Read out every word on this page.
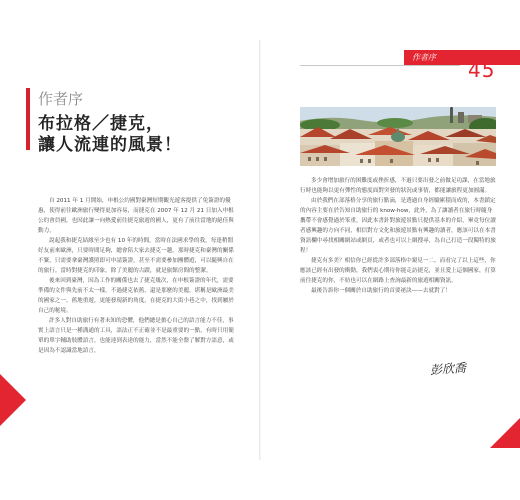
作者序
45
作者序
布拉格／捷克，
讓人流連的風景！

自 2011 年 1 月開始，申根公約國對臺灣短期觀光遊客提供了免簽證的優惠，使得前往歐洲旅行變得更加容易，而捷克在 2007 年 12 月 21 日加入申根公約會員國，也因此讓一向熱愛前往捷克旅遊的國人，更有了前往當地的絕佳與動力。

說起我和捷克結緣至少也有 10 年的時間，當時在法國求學的我，每逢稍閒好友前來歐洲，只要時間足夠，總會陪大家去捷克一趟。那時捷克和臺灣的關係不緊，只需要拿臺灣護照即可申請簽證，甚至不需要參加團體遊，可以隨興自在的旅行。當時對捷克的印象，除了美麗的古蹟，就是旅館房間的整潔。

後來回到臺灣，因為工作的關係也去了捷克幾次，在申根簽證的年代，需要準備的文件與先前不太一樣，不過捷克依舊，還是那麼的美麗，堪稱是歐洲最美的國家之一。舊地重遊，更能發現新的角度，在捷克的大街小巷之中，找到屬於自己的秘境。

許多人對自助旅行有著未知的恐懼，他們總是擔心自己的語言能力不佳，事實上語言只是一種溝通的工具，語法正不正確並不是最重要的一點，有時只用簡單的單字輔助肢體語言，也能達到表達的能力，當然不能全盤了解對方語意，或是因為不認識當地語言，

多少會增加旅行的困難度或挫折感，不過只要出發之前做足功課，在當地旅行時也能夠以更有彈性的態度面對突發的狀況或事情，都能讓旅程更加圓滿。

由於我們在部落格分享的旅行點滴，是透過自身經驗累積而成的，本書鎖定的內容主要在於告知自助旅行的 know-how，此外，為了讓讀者在旅行時隨身攜帶不會感覺過於笨重，因此本書針對旅遊景點只提供基本的介紹，畢竟每位讀者感興趣的方向不同，相信對方文化和旅遊景點有興趣的讀者，應該可以在本書資訊欄中尋找相關網站或網頁，或者也可以上網搜尋，為自己打造一段獨特的旅程！

捷克有多美？相信你已經從許多部落格中窺見一二，而看完了以上這些，你應該已經有出發的衝動，我們衷心期待你能走訪捷克，並且愛上這個國家，打算前往捷克的你，不妨也可以在網路上查詢最新的旅遊相關資訊。

最後告訴你一個關於自助旅行的首要祕訣——去就對了！

彭欣喬
